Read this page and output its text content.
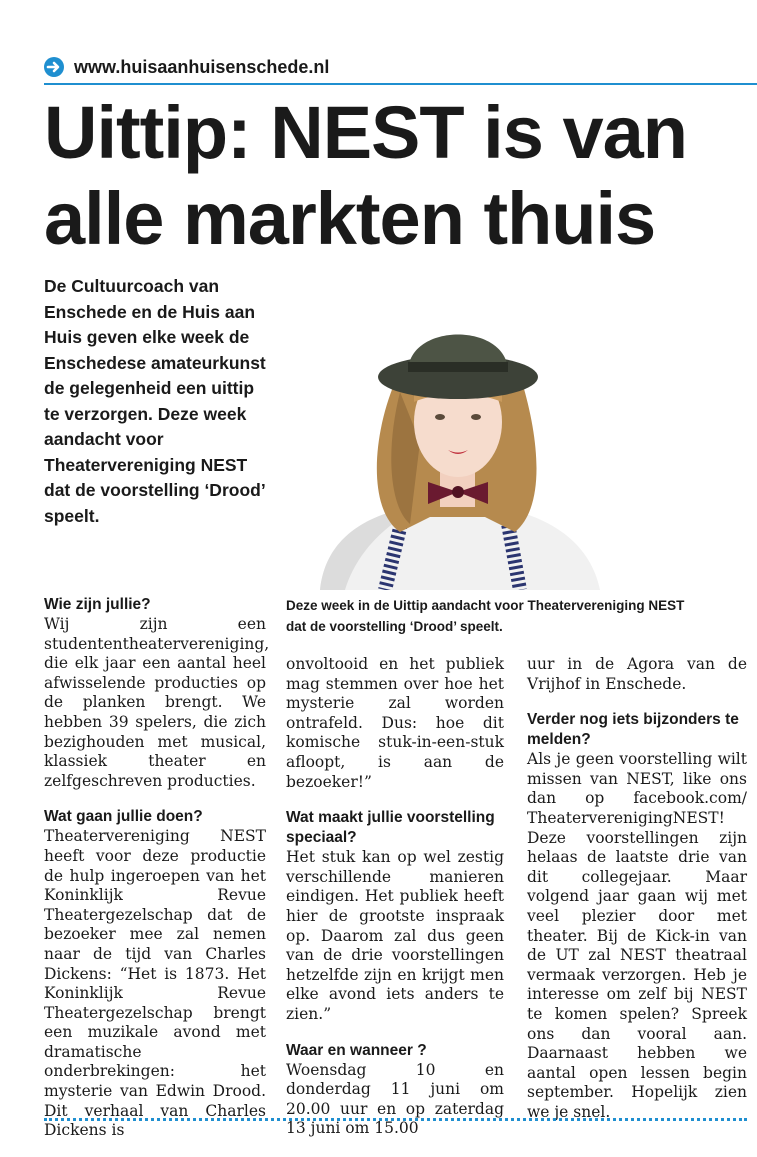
www.huisaanhuisenschede.nl
Uittip: NEST is van
alle markten thuis
De Cultuurcoach van Enschede en de Huis aan Huis geven elke week de Enschedese amateurkunst de gelegenheid een uittip te verzorgen. Deze week aandacht voor Theatervereniging NEST dat de voorstelling ‘Drood’ speelt.
Deze week in de Uittip aandacht voor Theatervereniging NEST
dat de voorstelling ‘Drood’ speelt.
Wie zijn jullie?

Wij zijn een studententheatervereniging, die elk jaar een aantal heel afwisselende producties op de planken brengt. We hebben 39 spelers, die zich bezighouden met musical, klassiek theater en zelfgeschreven producties.

Wat gaan jullie doen?

Theatervereniging NEST heeft voor deze productie de hulp ingeroepen van het Koninklijk Revue Theatergezelschap dat de bezoeker mee zal nemen naar de tijd van Charles Dickens: “Het is 1873. Het Koninklijk Revue Theatergezelschap brengt een muzikale avond met dramatische onderbrekingen: het mysterie van Edwin Drood. Dit verhaal van Charles Dickens is

onvoltooid en het publiek mag stemmen over hoe het mysterie zal worden ontrafeld. Dus: hoe dit komische stuk-in-een-stuk afloopt, is aan de bezoeker!”

Wat maakt jullie voorstelling speciaal?

Het stuk kan op wel zestig verschillende manieren eindigen. Het publiek heeft hier de grootste inspraak op. Daarom zal dus geen van de drie voorstellingen hetzelfde zijn en krijgt men elke avond iets anders te zien.”

Waar en wanneer ?

Woensdag 10 en donderdag 11 juni om 20.00 uur en op zaterdag 13 juni om 15.00

uur in de Agora van de Vrijhof in Enschede.

Verder nog iets bijzonders te melden?

Als je geen voorstelling wilt missen van NEST, like ons dan op facebook.com/ TheaterverenigingNEST! Deze voorstellingen zijn helaas de laatste drie van dit collegejaar. Maar volgend jaar gaan wij met veel plezier door met theater. Bij de Kick-in van de UT zal NEST theatraal vermaak verzorgen. Heb je interesse om zelf bij NEST te komen spelen? Spreek ons dan vooral aan. Daarnaast hebben we aantal open lessen begin september. Hopelijk zien we je snel.
